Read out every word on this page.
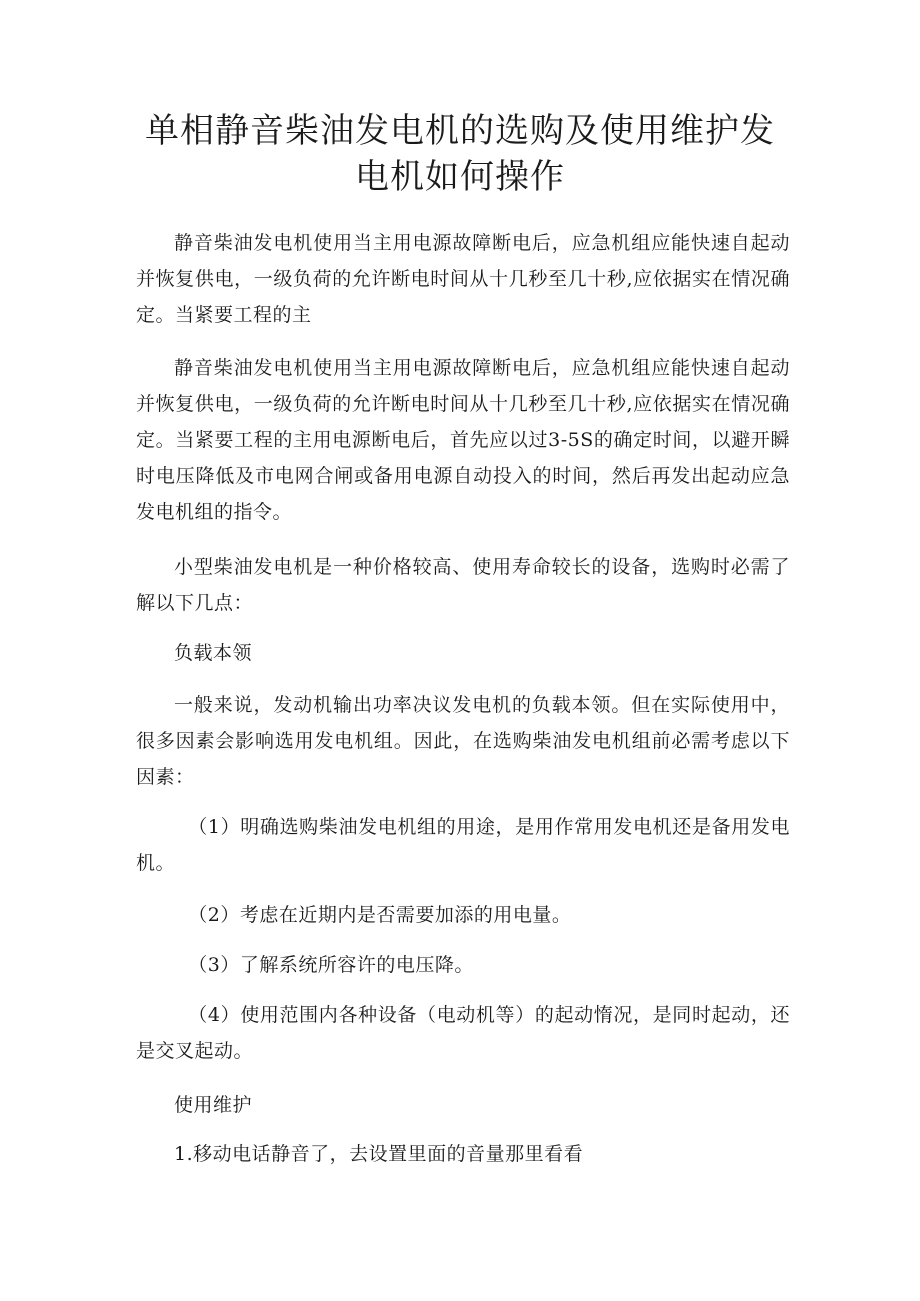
单相静音柴油发电机的选购及使用维护发电机如何操作

静音柴油发电机使用当主用电源故障断电后，应急机组应能快速自起动并恢复供电，一级负荷的允许断电时间从十几秒至几十秒,应依据实在情况确定。当紧要工程的主

静音柴油发电机使用当主用电源故障断电后，应急机组应能快速自起动并恢复供电，一级负荷的允许断电时间从十几秒至几十秒,应依据实在情况确定。当紧要工程的主用电源断电后，首先应以过3-5S的确定时间，以避开瞬时电压降低及市电网合闸或备用电源自动投入的时间，然后再发出起动应急发电机组的指令。

小型柴油发电机是一种价格较高、使用寿命较长的设备，选购时必需了解以下几点：

负载本领

一般来说，发动机输出功率决议发电机的负载本领。但在实际使用中，很多因素会影响选用发电机组。因此，在选购柴油发电机组前必需考虑以下因素：

（1）明确选购柴油发电机组的用途，是用作常用发电机还是备用发电机。

（2）考虑在近期内是否需要加添的用电量。

（3）了解系统所容许的电压降。

（4）使用范围内各种设备（电动机等）的起动惰况，是同时起动，还是交叉起动。

使用维护

1.移动电话静音了，去设置里面的音量那里看看
